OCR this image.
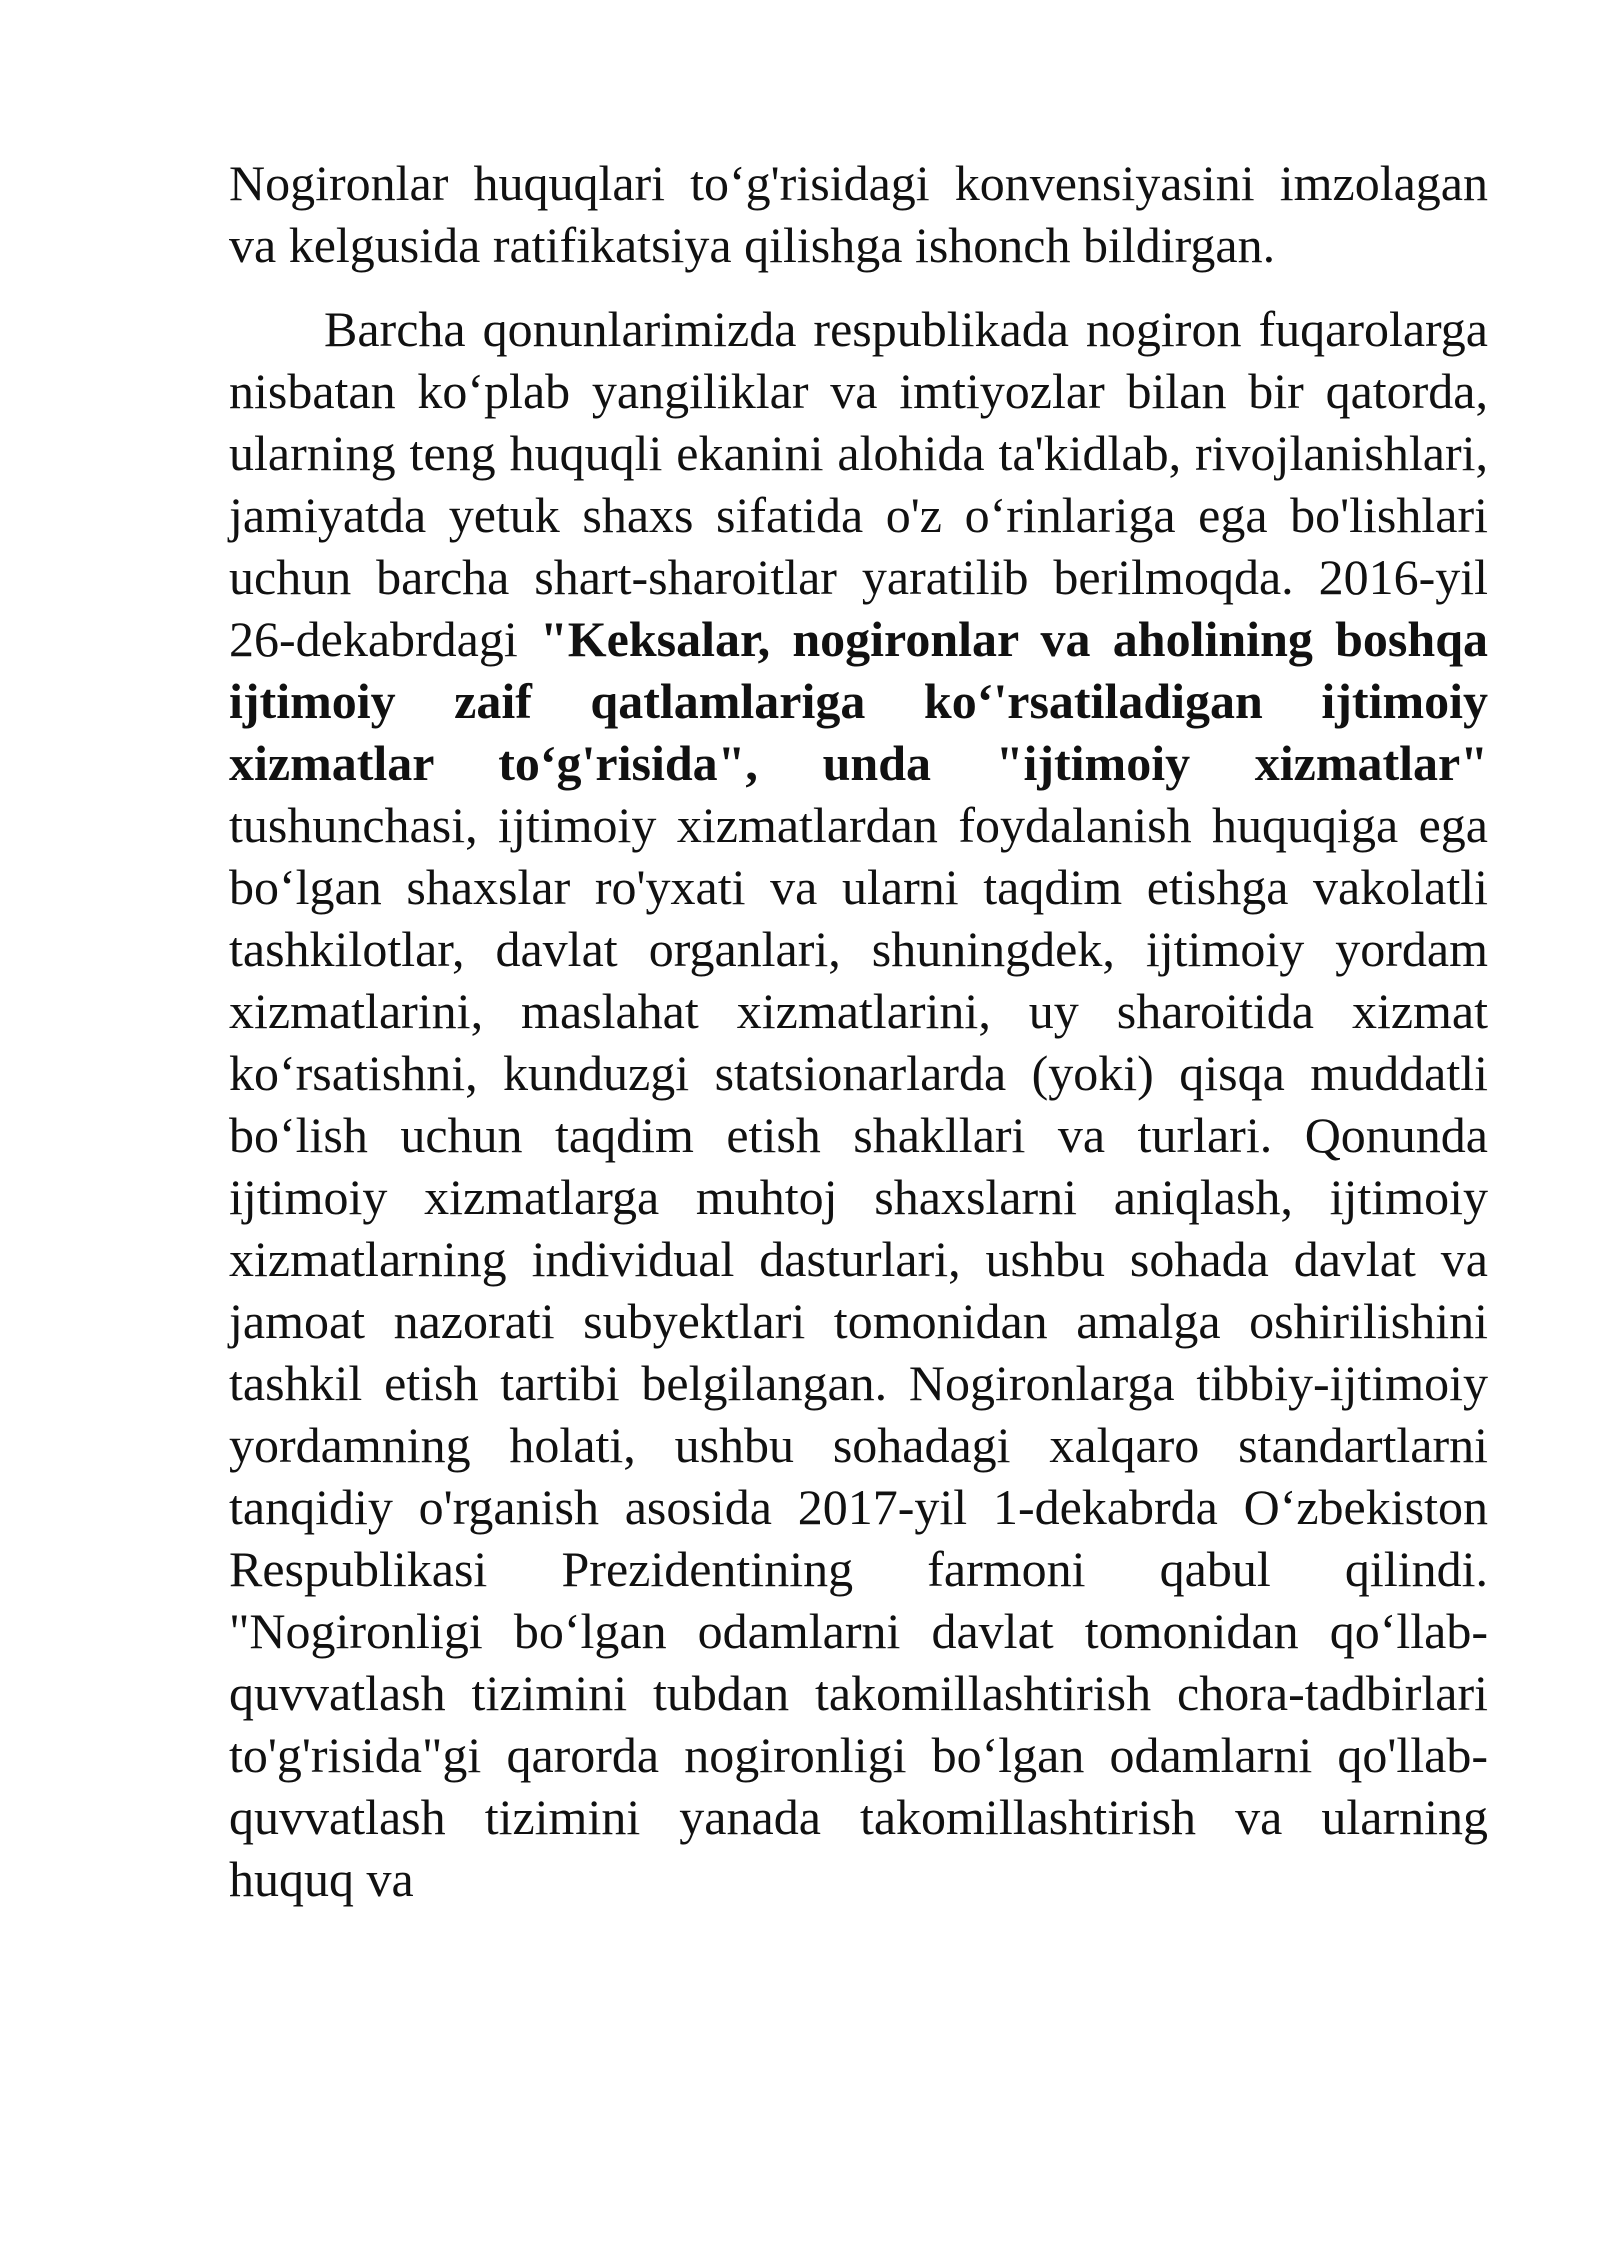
Nogironlar huquqlari to‘g'risidagi konvensiyasini imzolagan va kelgusida ratifikatsiya qilishga ishonch bildirgan.

Barcha qonunlarimizda respublikada nogiron fuqarolarga nisbatan ko‘plab yangiliklar va imtiyozlar bilan bir qatorda, ularning teng huquqli ekanini alohida ta'kidlab, rivojlanishlari, jamiyatda yetuk shaxs sifatida o'z o‘rinlariga ega bo'lishlari uchun barcha shart-sharoitlar yaratilib berilmoqda. 2016-yil 26-dekabrdagi "Keksalar, nogironlar va aholining boshqa ijtimoiy zaif qatlamlariga ko‘'rsatiladigan ijtimoiy xizmatlar to‘g'risida", unda "ijtimoiy xizmatlar" tushunchasi, ijtimoiy xizmatlardan foydalanish huquqiga ega bo‘lgan shaxslar ro'yxati va ularni taqdim etishga vakolatli tashkilotlar, davlat organlari, shuningdek, ijtimoiy yordam xizmatlarini, maslahat xizmatlarini, uy sharoitida xizmat ko‘rsatishni, kunduzgi statsionarlarda (yoki) qisqa muddatli bo‘lish uchun taqdim etish shakllari va turlari. Qonunda ijtimoiy xizmatlarga muhtoj shaxslarni aniqlash, ijtimoiy xizmatlarning individual dasturlari, ushbu sohada davlat va jamoat nazorati subyektlari tomonidan amalga oshirilishini tashkil etish tartibi belgilangan. Nogironlarga tibbiy-ijtimoiy yordamning holati, ushbu sohadagi xalqaro standartlarni tanqidiy o'rganish asosida 2017-yil 1-dekabrda O‘zbekiston Respublikasi Prezidentining farmoni qabul qilindi. "Nogironligi bo‘lgan odamlarni davlat tomonidan qo‘llab-quvvatlash tizimini tubdan takomillashtirish chora-tadbirlari to'g'risida"gi qarorda nogironligi bo‘lgan odamlarni qo'llab-quvvatlash tizimini yanada takomillashtirish va ularning huquq va
